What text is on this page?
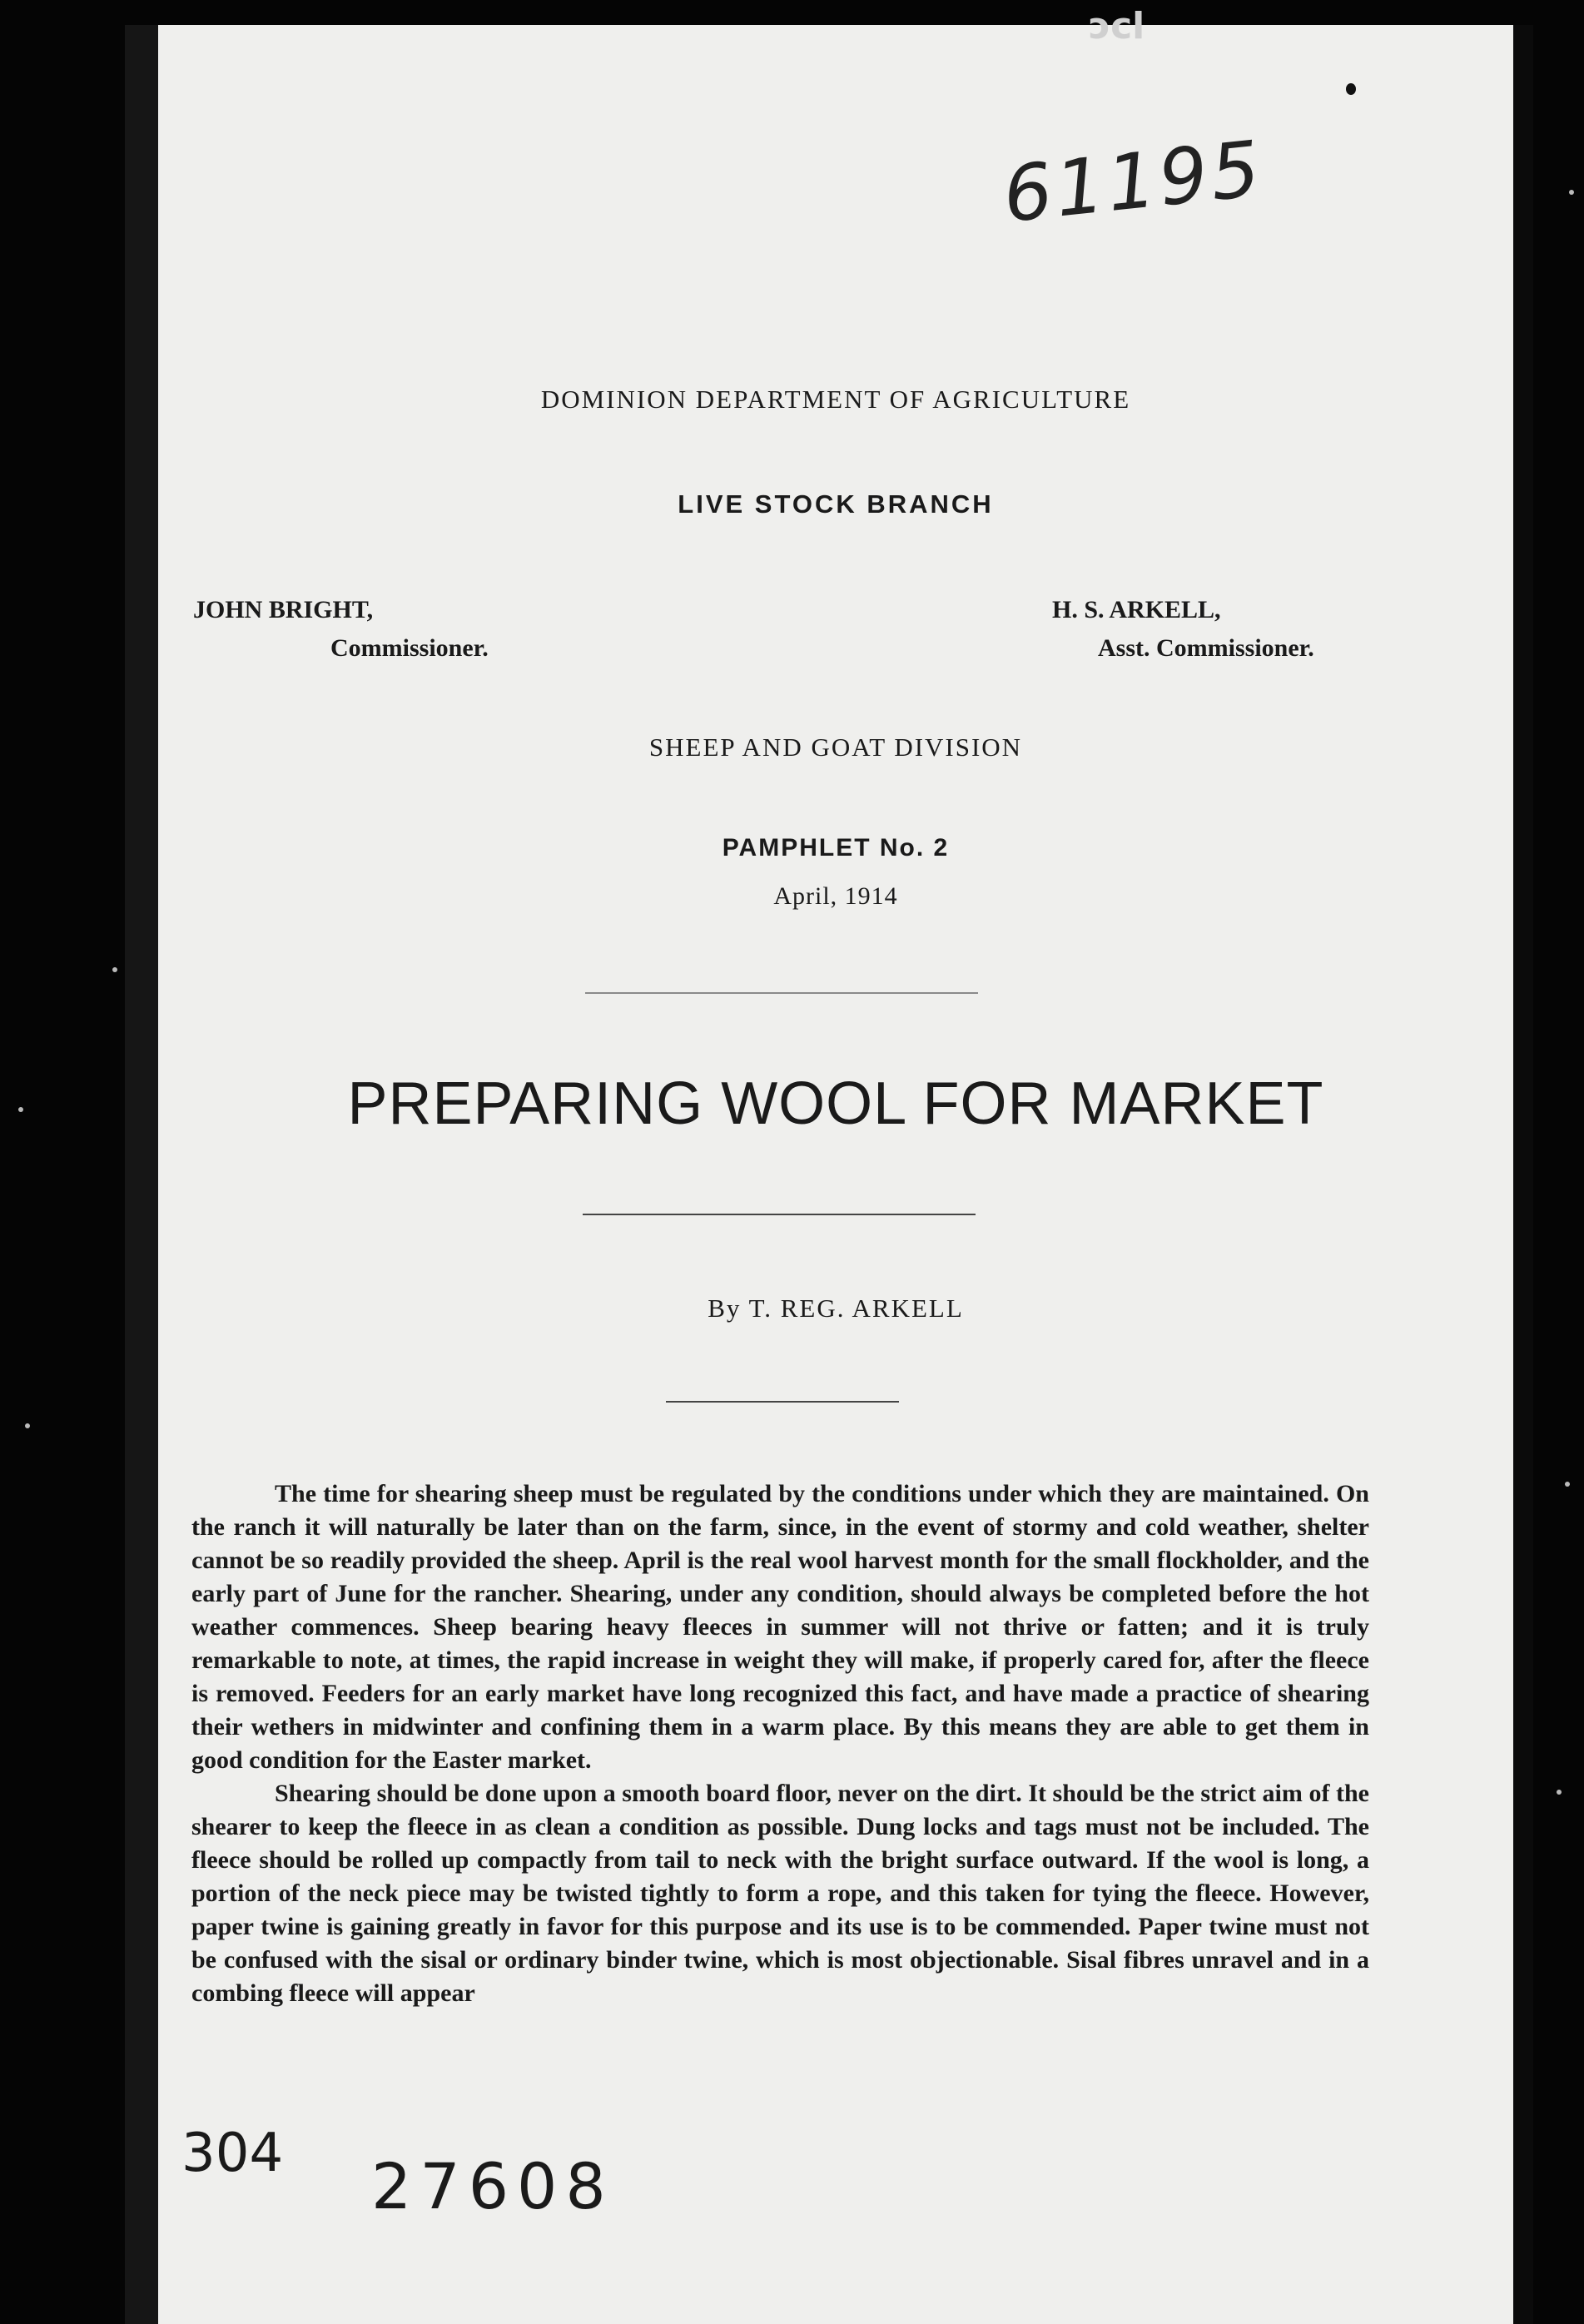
ɔcl
61195
DOMINION DEPARTMENT OF AGRICULTURE
LIVE STOCK BRANCH
JOHN BRIGHT,
Commissioner.
H. S. ARKELL,
Asst. Commissioner.
SHEEP AND GOAT DIVISION
PAMPHLET No. 2
April, 1914
PREPARING WOOL FOR MARKET
By T. REG. ARKELL

The time for shearing sheep must be regulated by the conditions under which they are maintained. On the ranch it will naturally be later than on the farm, since, in the event of stormy and cold weather, shelter cannot be so readily provided the sheep. April is the real wool harvest month for the small flockholder, and the early part of June for the rancher. Shearing, under any condition, should always be completed before the hot weather commences. Sheep bearing heavy fleeces in summer will not thrive or fatten; and it is truly remarkable to note, at times, the rapid increase in weight they will make, if properly cared for, after the fleece is removed. Feeders for an early market have long recognized this fact, and have made a practice of shearing their wethers in midwinter and confining them in a warm place. By this means they are able to get them in good condition for the Easter market.

Shearing should be done upon a smooth board floor, never on the dirt. It should be the strict aim of the shearer to keep the fleece in as clean a condition as possible. Dung locks and tags must not be included. The fleece should be rolled up compactly from tail to neck with the bright surface outward. If the wool is long, a portion of the neck piece may be twisted tightly to form a rope, and this taken for tying the fleece. However, paper twine is gaining greatly in favor for this purpose and its use is to be commended. Paper twine must not be confused with the sisal or ordinary binder twine, which is most objectionable. Sisal fibres unravel and in a combing fleece will appear

304 27608
